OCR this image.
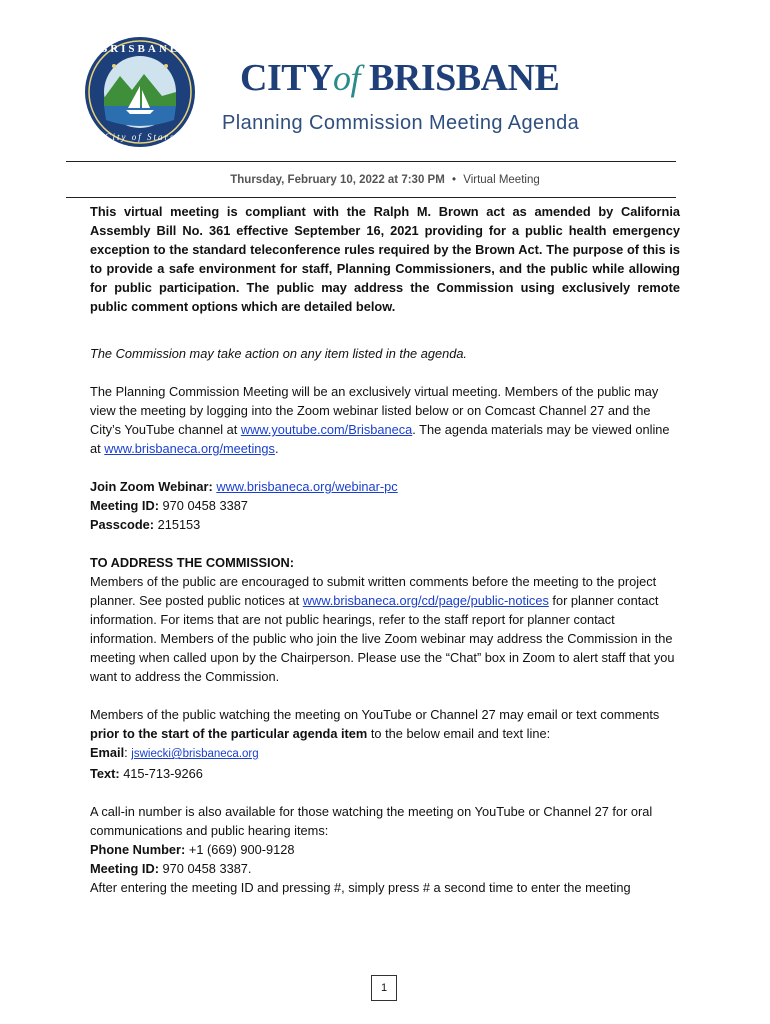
BRISBANE
City of Stars
CITYof BRISBANE
Planning Commission Meeting Agenda
Thursday, February 10, 2022 at 7:30 PM • Virtual Meeting

This virtual meeting is compliant with the Ralph M. Brown act as amended by California Assembly Bill No. 361 effective September 16, 2021 providing for a public health emergency exception to the standard teleconference rules required by the Brown Act. The purpose of this is to provide a safe environment for staff, Planning Commissioners, and the public while allowing for public participation. The public may address the Commission using exclusively remote public comment options which are detailed below.

The Commission may take action on any item listed in the agenda.

The Planning Commission Meeting will be an exclusively virtual meeting. Members of the public may view the meeting by logging into the Zoom webinar listed below or on Comcast Channel 27 and the City’s YouTube channel at www.youtube.com/Brisbaneca. The agenda materials may be viewed online at www.brisbaneca.org/meetings.

Join Zoom Webinar: www.brisbaneca.org/webinar-pc

Meeting ID: 970 0458 3387

Passcode: 215153

TO ADDRESS THE COMMISSION:

Members of the public are encouraged to submit written comments before the meeting to the project planner. See posted public notices at www.brisbaneca.org/cd/page/public-notices for planner contact information. For items that are not public hearings, refer to the staff report for planner contact information. Members of the public who join the live Zoom webinar may address the Commission in the meeting when called upon by the Chairperson. Please use the “Chat” box in Zoom to alert staff that you want to address the Commission.

Members of the public watching the meeting on YouTube or Channel 27 may email or text comments prior to the start of the particular agenda item to the below email and text line:

Email: jswiecki@brisbaneca.org

Text: 415-713-9266

A call-in number is also available for those watching the meeting on YouTube or Channel 27 for oral communications and public hearing items:

Phone Number: +1 (669) 900-9128

Meeting ID: 970 0458 3387.

After entering the meeting ID and pressing #, simply press # a second time to enter the meeting

1
